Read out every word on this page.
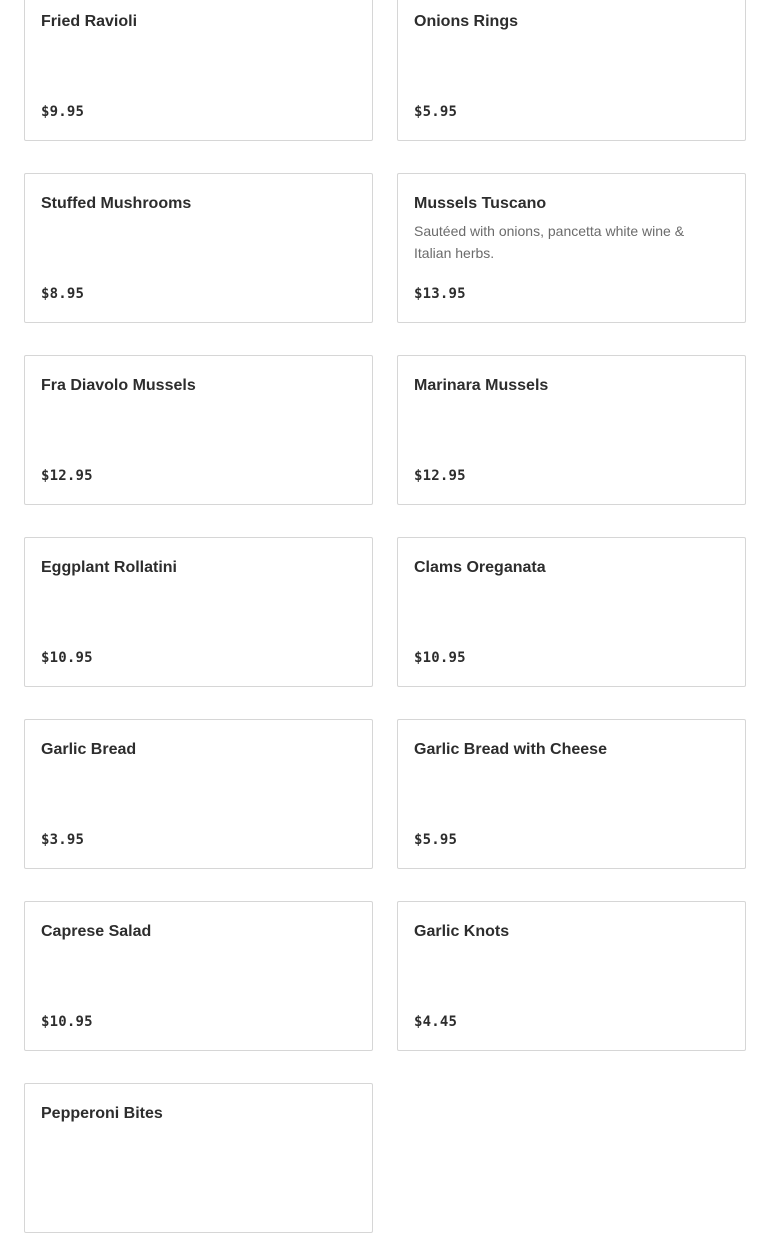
Fried Ravioli
$9.95
Onions Rings
$5.95
Stuffed Mushrooms
$8.95
Mussels Tuscano
Sautéed with onions, pancetta white wine & Italian herbs.
$13.95
Fra Diavolo Mussels
$12.95
Marinara Mussels
$12.95
Eggplant Rollatini
$10.95
Clams Oreganata
$10.95
Garlic Bread
$3.95
Garlic Bread with Cheese
$5.95
Caprese Salad
$10.95
Garlic Knots
$4.45
Pepperoni Bites
